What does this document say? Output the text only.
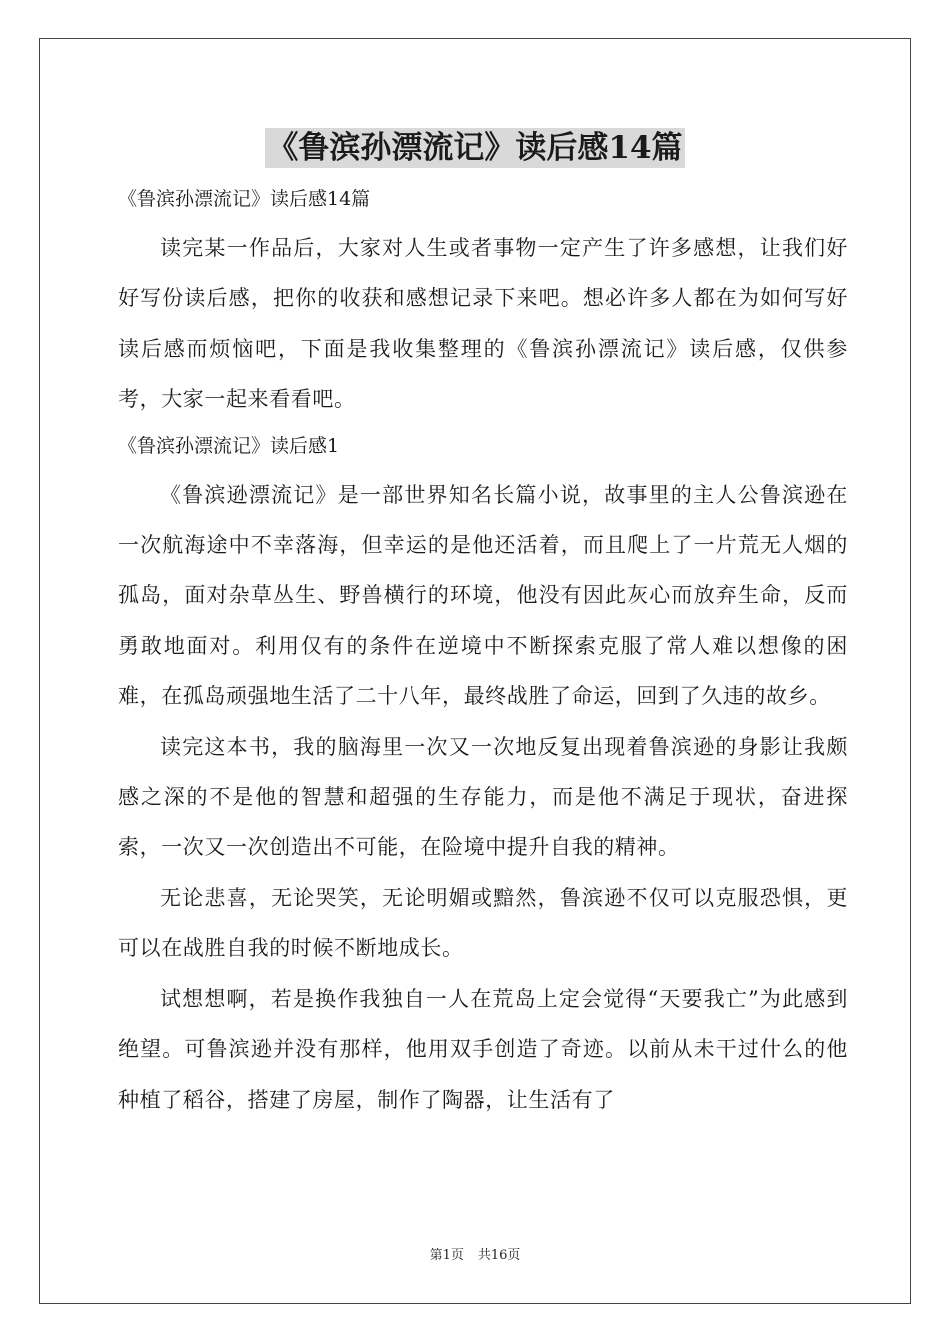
《鲁滨孙漂流记》读后感14篇

《鲁滨孙漂流记》读后感14篇

读完某一作品后，大家对人生或者事物一定产生了许多感想，让我们好好写份读后感，把你的收获和感想记录下来吧。想必许多人都在为如何写好读后感而烦恼吧，下面是我收集整理的《鲁滨孙漂流记》读后感，仅供参考，大家一起来看看吧。

《鲁滨孙漂流记》读后感1

《鲁滨逊漂流记》是一部世界知名长篇小说，故事里的主人公鲁滨逊在一次航海途中不幸落海，但幸运的是他还活着，而且爬上了一片荒无人烟的孤岛，面对杂草丛生、野兽横行的环境，他没有因此灰心而放弃生命，反而勇敢地面对。利用仅有的条件在逆境中不断探索克服了常人难以想像的困难，在孤岛顽强地生活了二十八年，最终战胜了命运，回到了久违的故乡。

读完这本书，我的脑海里一次又一次地反复出现着鲁滨逊的身影让我颇感之深的不是他的智慧和超强的生存能力，而是他不满足于现状，奋进探索，一次又一次创造出不可能，在险境中提升自我的精神。

无论悲喜，无论哭笑，无论明媚或黯然，鲁滨逊不仅可以克服恐惧，更可以在战胜自我的时候不断地成长。

试想想啊，若是换作我独自一人在荒岛上定会觉得“天要我亡”为此感到绝望。可鲁滨逊并没有那样，他用双手创造了奇迹。以前从未干过什么的他种植了稻谷，搭建了房屋，制作了陶器，让生活有了

第1页 共16页
